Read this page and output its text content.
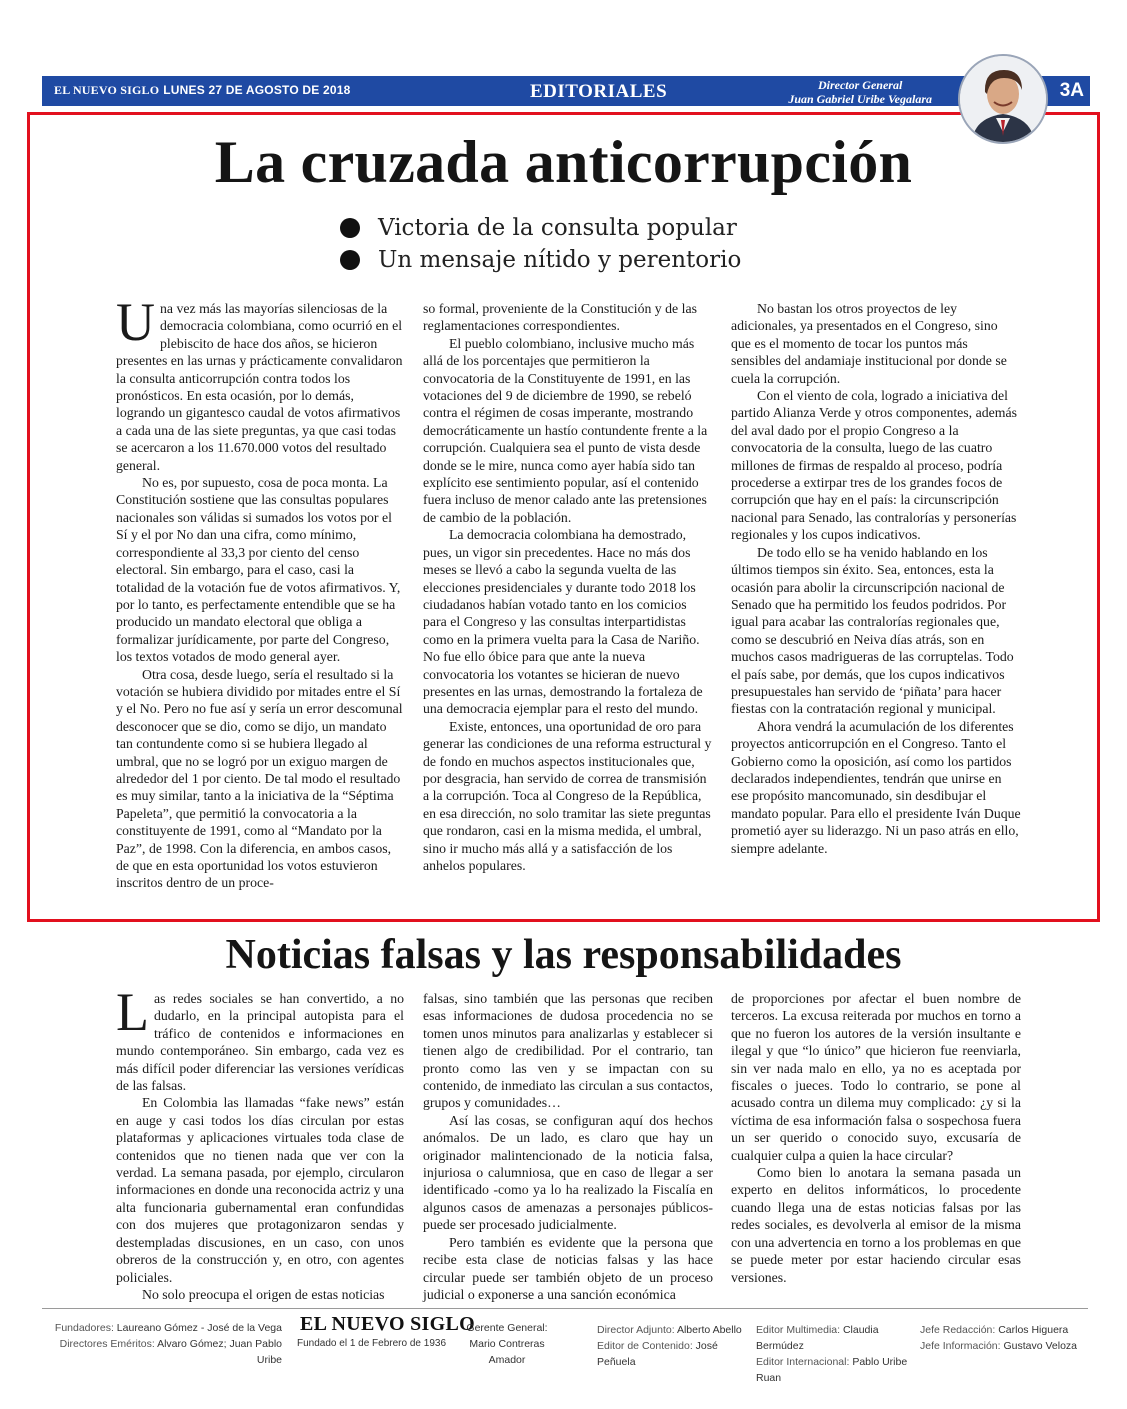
EL NUEVO SIGLO LUNES 27 DE AGOSTO DE 2018	EDITORIALES	Director General
Juan Gabriel Uribe Vegalara	3A
La cruzada anticorrupción
Victoria de la consulta popular
Un mensaje nítido y perentorio

Una vez más las mayorías silenciosas de la democracia colombiana, como ocurrió en el plebiscito de hace dos años, se hicieron presentes en las urnas y prácticamente convalidaron la consulta anticorrupción contra todos los pronósticos. En esta ocasión, por lo demás, logrando un gigantesco caudal de votos afirmativos a cada una de las siete preguntas, ya que casi todas se acercaron a los 11.670.000 votos del resultado general.

No es, por supuesto, cosa de poca monta. La Constitución sostiene que las consultas populares nacionales son válidas si sumados los votos por el Sí y el por No dan una cifra, como mínimo, correspondiente al 33,3 por ciento del censo electoral. Sin embargo, para el caso, casi la totalidad de la votación fue de votos afirmativos. Y, por lo tanto, es perfectamente entendible que se ha producido un mandato electoral que obliga a formalizar jurídicamente, por parte del Congreso, los textos votados de modo general ayer.

Otra cosa, desde luego, sería el resultado si la votación se hubiera dividido por mitades entre el Sí y el No. Pero no fue así y sería un error descomunal desconocer que se dio, como se dijo, un mandato tan contundente como si se hubiera llegado al umbral, que no se logró por un exiguo margen de alrededor del 1 por ciento. De tal modo el resultado es muy similar, tanto a la iniciativa de la “Séptima Papeleta”, que permitió la convocatoria a la constituyente de 1991, como al “Mandato por la Paz”, de 1998. Con la diferencia, en ambos casos, de que en esta oportunidad los votos estuvieron inscritos dentro de un proce-

so formal, proveniente de la Constitución y de las reglamentaciones correspondientes.

El pueblo colombiano, inclusive mucho más allá de los porcentajes que permitieron la convocatoria de la Constituyente de 1991, en las votaciones del 9 de diciembre de 1990, se rebeló contra el régimen de cosas imperante, mostrando democráticamente un hastío contundente frente a la corrupción. Cualquiera sea el punto de vista desde donde se le mire, nunca como ayer había sido tan explícito ese sentimiento popular, así el contenido fuera incluso de menor calado ante las pretensiones de cambio de la población.

La democracia colombiana ha demostrado, pues, un vigor sin precedentes. Hace no más dos meses se llevó a cabo la segunda vuelta de las elecciones presidenciales y durante todo 2018 los ciudadanos habían votado tanto en los comicios para el Congreso y las consultas interpartidistas como en la primera vuelta para la Casa de Nariño. No fue ello óbice para que ante la nueva convocatoria los votantes se hicieran de nuevo presentes en las urnas, demostrando la fortaleza de una democracia ejemplar para el resto del mundo.

Existe, entonces, una oportunidad de oro para generar las condiciones de una reforma estructural y de fondo en muchos aspectos institucionales que, por desgracia, han servido de correa de transmisión a la corrupción. Toca al Congreso de la República, en esa dirección, no solo tramitar las siete preguntas que rondaron, casi en la misma medida, el umbral, sino ir mucho más allá y a satisfacción de los anhelos populares.

No bastan los otros proyectos de ley adicionales, ya presentados en el Congreso, sino que es el momento de tocar los puntos más sensibles del andamiaje institucional por donde se cuela la corrupción.

Con el viento de cola, logrado a iniciativa del partido Alianza Verde y otros componentes, además del aval dado por el propio Congreso a la convocatoria de la consulta, luego de las cuatro millones de firmas de respaldo al proceso, podría procederse a extirpar tres de los grandes focos de corrupción que hay en el país: la circunscripción nacional para Senado, las contralorías y personerías regionales y los cupos indicativos.

De todo ello se ha venido hablando en los últimos tiempos sin éxito. Sea, entonces, esta la ocasión para abolir la circunscripción nacional de Senado que ha permitido los feudos podridos. Por igual para acabar las contralorías regionales que, como se descubrió en Neiva días atrás, son en muchos casos madrigueras de las corruptelas. Todo el país sabe, por demás, que los cupos indicativos presupuestales han servido de ‘piñata’ para hacer fiestas con la contratación regional y municipal.

Ahora vendrá la acumulación de los diferentes proyectos anticorrupción en el Congreso. Tanto el Gobierno como la oposición, así como los partidos declarados independientes, tendrán que unirse en ese propósito mancomunado, sin desdibujar el mandato popular. Para ello el presidente Iván Duque prometió ayer su liderazgo. Ni un paso atrás en ello, siempre adelante.

Noticias falsas y las responsabilidades

Las redes sociales se han convertido, a no dudarlo, en la principal autopista para el tráfico de contenidos e informaciones en mundo contemporáneo. Sin embargo, cada vez es más difícil poder diferenciar las versiones verídicas de las falsas.

En Colombia las llamadas “fake news” están en auge y casi todos los días circulan por estas plataformas y aplicaciones virtuales toda clase de contenidos que no tienen nada que ver con la verdad. La semana pasada, por ejemplo, circularon informaciones en donde una reconocida actriz y una alta funcionaria gubernamental eran confundidas con dos mujeres que protagonizaron sendas y destempladas discusiones, en un caso, con unos obreros de la construcción y, en otro, con agentes policiales.

No solo preocupa el origen de estas noticias

falsas, sino también que las personas que reciben esas informaciones de dudosa procedencia no se tomen unos minutos para analizarlas y establecer si tienen algo de credibilidad. Por el contrario, tan pronto como las ven y se impactan con su contenido, de inmediato las circulan a sus contactos, grupos y comunidades…

Así las cosas, se configuran aquí dos hechos anómalos. De un lado, es claro que hay un originador malintencionado de la noticia falsa, injuriosa o calumniosa, que en caso de llegar a ser identificado -como ya lo ha realizado la Fiscalía en algunos casos de amenazas a personajes públicos- puede ser procesado judicialmente.

Pero también es evidente que la persona que recibe esta clase de noticias falsas y las hace circular puede ser también objeto de un proceso judicial o exponerse a una sanción económica

de proporciones por afectar el buen nombre de terceros. La excusa reiterada por muchos en torno a que no fueron los autores de la versión insultante e ilegal y que “lo único” que hicieron fue reenviarla, sin ver nada malo en ello, ya no es aceptada por fiscales o jueces. Todo lo contrario, se pone al acusado contra un dilema muy complicado: ¿y si la víctima de esa información falsa o sospechosa fuera un ser querido o conocido suyo, excusaría de cualquier culpa a quien la hace circular?

Como bien lo anotara la semana pasada un experto en delitos informáticos, lo procedente cuando llega una de estas noticias falsas por las redes sociales, es devolverla al emisor de la misma con una advertencia en torno a los problemas en que se puede meter por estar haciendo circular esas versiones.

Fundadores: Laureano Gómez - José de la Vega
Directores Eméritos: Alvaro Gómez; Juan Pablo Uribe
EL NUEVO SIGLO
Fundado el 1 de Febrero de 1936
Gerente General:
Mario Contreras Amador
Director Adjunto: Alberto Abello
Editor de Contenido: José Peñuela
Editor Multimedia: Claudia Bermúdez
Editor Internacional: Pablo Uribe Ruan
Jefe Redacción: Carlos Higuera
Jefe Información: Gustavo Veloza
